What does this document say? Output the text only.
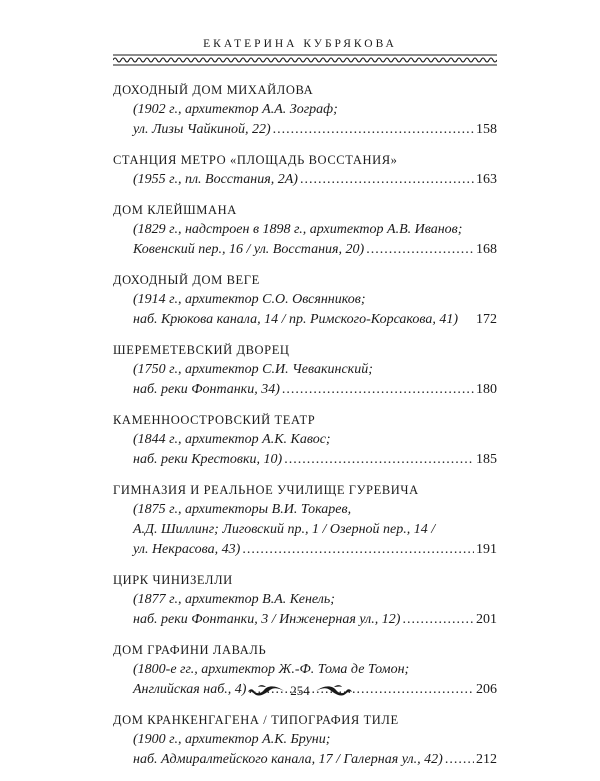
ЕКАТЕРИНА КУБРЯКОВА
ДОХОДНЫЙ ДОМ МИХАЙЛОВА
(1902 г., архитектор А.А. Зограф;
ул. Лизы Чайкиной, 22) .....	158
СТАНЦИЯ МЕТРО «ПЛОЩАДЬ ВОССТАНИЯ»
(1955 г., пл. Восстания, 2А) .....	163
ДОМ КЛЕЙШМАНА
(1829 г., надстроен в 1898 г., архитектор А.В. Иванов;
Ковенский пер., 16 / ул. Восстания, 20) .....	168
ДОХОДНЫЙ ДОМ ВЕГЕ
(1914 г., архитектор С.О. Овсянников;
наб. Крюкова канала, 14 / пр. Римского-Корсакова, 41) 172
ШЕРЕМЕТЕВСКИЙ ДВОРЕЦ
(1750 г., архитектор С.И. Чевакинский;
наб. реки Фонтанки, 34) .....	180
КАМЕННООСТРОВСКИЙ ТЕАТР
(1844 г., архитектор А.К. Кавос;
наб. реки Крестовки, 10) .....	185
ГИМНАЗИЯ И РЕАЛЬНОЕ УЧИЛИЩЕ ГУРЕВИЧА
(1875 г., архитекторы В.И. Токарев,
А.Д. Шиллинг; Лиговский пр., 1 / Озерной пер., 14 /
ул. Некрасова, 43) .....	191
ЦИРК ЧИНИЗЕЛЛИ
(1877 г., архитектор В.А. Кенель;
наб. реки Фонтанки, 3 / Инженерная ул., 12) .....	201
ДОМ ГРАФИНИ ЛАВАЛЬ
(1800-е гг., архитектор Ж.-Ф. Тома де Томон;
Английская наб., 4) .....	206
ДОМ КРАНКЕНГАГЕНА / ТИПОГРАФИЯ ТИЛЕ
(1900 г., архитектор А.К. Бруни;
наб. Адмиралтейского канала, 17 / Галерная ул., 42) ..... 212
254
